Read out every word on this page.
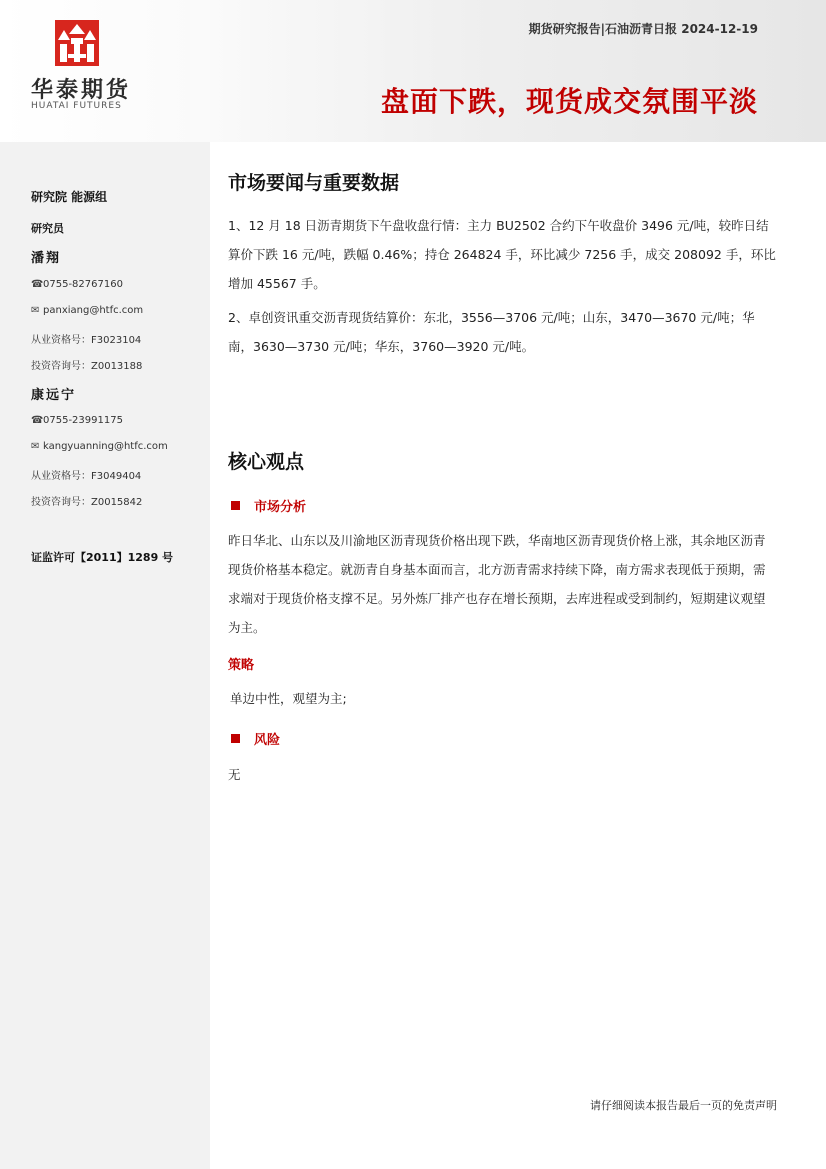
华泰期货
HUATAI FUTURES
期货研究报告|石油沥青日报 2024-12-19
盘面下跌，现货成交氛围平淡
研究院 能源组
研究员
潘翔
☎0755-82767160
✉ panxiang@htfc.com
从业资格号：F3023104
投资咨询号：Z0013188
康远宁
☎0755-23991175
✉ kangyuanning@htfc.com
从业资格号：F3049404
投资咨询号：Z0015842
证监许可【2011】1289 号
市场要闻与重要数据
1、12 月 18 日沥青期货下午盘收盘行情：主力 BU2502 合约下午收盘价 3496 元/吨，较昨日结算价下跌 16 元/吨，跌幅 0.46%；持仓 264824 手，环比减少 7256 手，成交 208092 手，环比增加 45567 手。
2、卓创资讯重交沥青现货结算价：东北，3556—3706 元/吨；山东，3470—3670 元/吨；华南，3630—3730 元/吨；华东，3760—3920 元/吨。
核心观点
市场分析
昨日华北、山东以及川渝地区沥青现货价格出现下跌，华南地区沥青现货价格上涨，其余地区沥青现货价格基本稳定。就沥青自身基本面而言，北方沥青需求持续下降，南方需求表现低于预期，需求端对于现货价格支撑不足。另外炼厂排产也存在增长预期，去库进程或受到制约，短期建议观望为主。
策略
单边中性，观望为主;
风险
无
请仔细阅读本报告最后一页的免责声明
